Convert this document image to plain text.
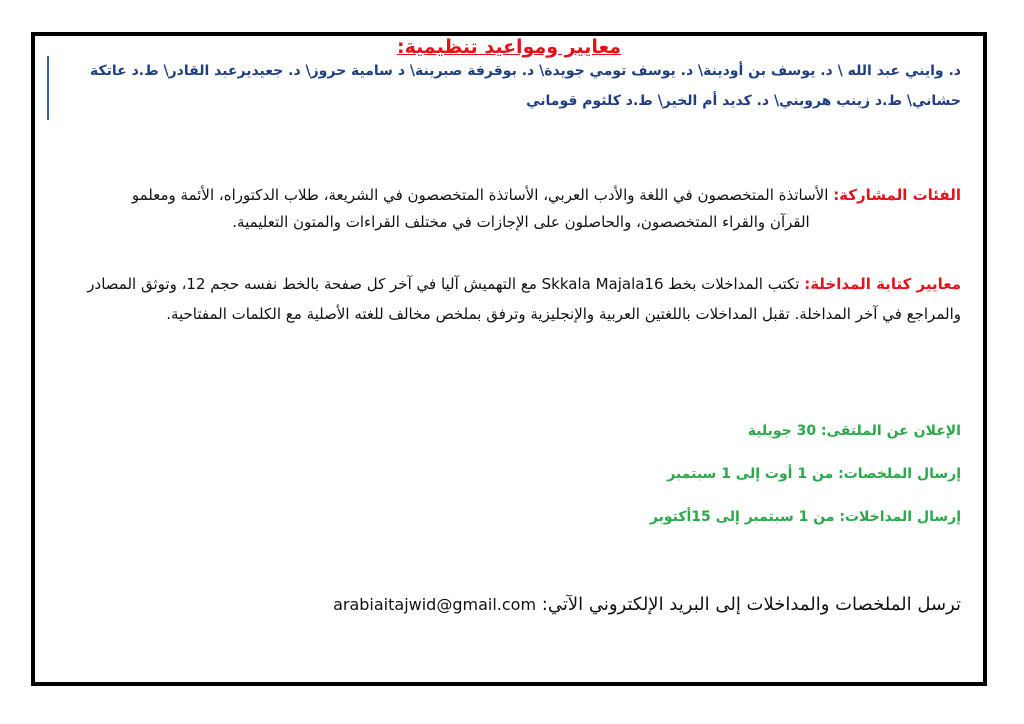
د. وايني عبد الله \ د. يوسف بن أودينة\ د. يوسف تومي جويدة\ د. بوقرفة صبرينة\ د سامية حروز\ د. جعيديرعبد القادر\ ط.د عاتكة
حشاني\ ط.د زينب هروبني\ د. كديد أم الخير\ ط.د كلثوم قوماني
معايير ومواعيد تنظيمية:
الفئات المشاركة: الأساتذة المتخصصون في اللغة والأدب العربي، الأساتذة المتخصصون في الشريعة، طلاب الدكتوراه، الأئمة ومعلمو
القرآن والقراء المتخصصون، والحاصلون على الإجازات في مختلف القراءات والمتون التعليمية.
معايير كتابة المداخلة: تكتب المداخلات بخط Skkala Majala16 مع التهميش آليا في آخر كل صفحة بالخط نفسه حجم 12، وتوثق المصادر والمراجع في آخر المداخلة. تقبل المداخلات باللغتين العربية والإنجليزية وترفق بملخص مخالف للغته الأصلية مع الكلمات المفتاحية.
الإعلان عن الملتقى: 30 جويلية
إرسال الملخصات: من 1 أوت إلى 1 سبتمبر
إرسال المداخلات: من 1 سبتمبر إلى 15أكتوبر
ترسل الملخصات والمداخلات إلى البريد الإلكتروني الآتي: arabiaitajwid@gmail.com
